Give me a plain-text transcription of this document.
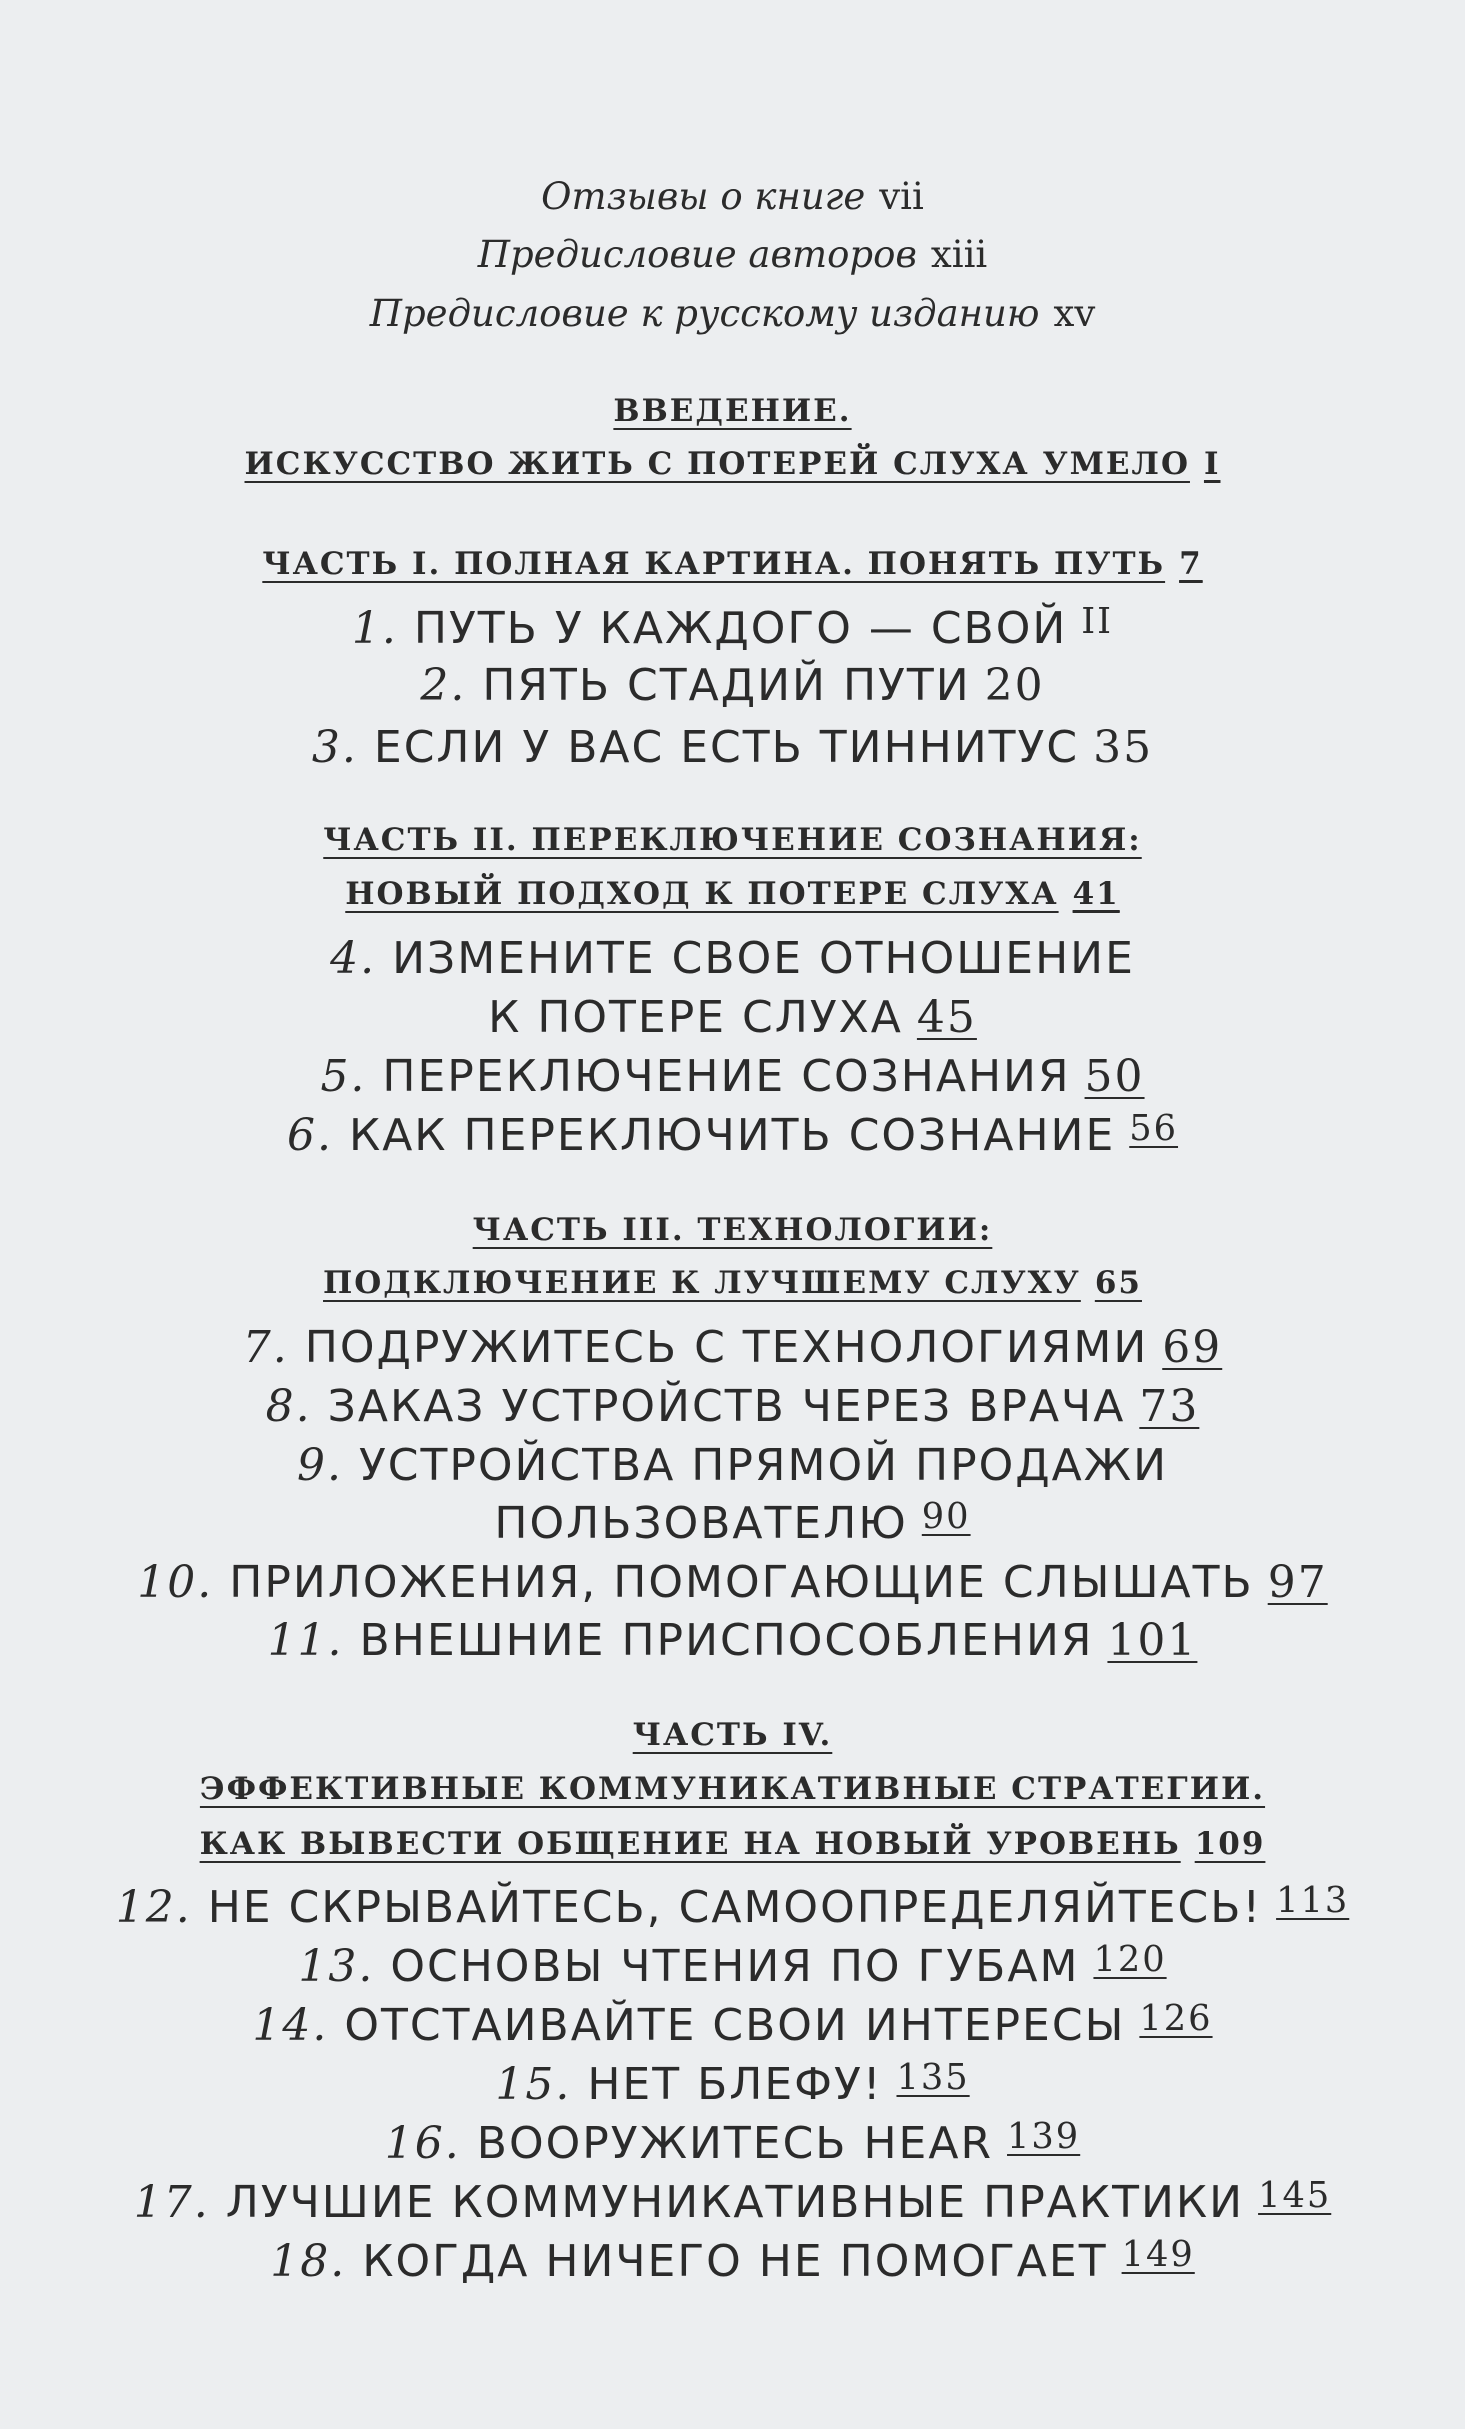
Отзывы о книге vii
Предисловие авторов xiii
Предисловие к русскому изданию xv
ВВЕДЕНИЕ.
ИСКУССТВО ЖИТЬ С ПОТЕРЕЙ СЛУХА УМЕЛО I
ЧАСТЬ I. ПОЛНАЯ КАРТИНА. ПОНЯТЬ ПУТЬ 7
1. ПУТЬ У КАЖДОГО — СВОЙ $^{II}$
2. ПЯТЬ СТАДИЙ ПУТИ 20
3. ЕСЛИ У ВАС ЕСТЬ ТИННИТУС 35
ЧАСТЬ II. ПЕРЕКЛЮЧЕНИЕ СОЗНАНИЯ:
НОВЫЙ ПОДХОД К ПОТЕРЕ СЛУХА 41
4. ИЗМЕНИТЕ СВОЕ ОТНОШЕНИЕ
К ПОТЕРЕ СЛУХА 45
5. ПЕРЕКЛЮЧЕНИЕ СОЗНАНИЯ 50
6. КАК ПЕРЕКЛЮЧИТЬ СОЗНАНИЕ $^{56}$
ЧАСТЬ III. ТЕХНОЛОГИИ:
ПОДКЛЮЧЕНИЕ К ЛУЧШЕМУ СЛУХУ 65
7. ПОДРУЖИТЕСЬ С ТЕХНОЛОГИЯМИ 69
8. ЗАКАЗ УСТРОЙСТВ ЧЕРЕЗ ВРАЧА 73
9. УСТРОЙСТВА ПРЯМОЙ ПРОДАЖИ
ПОЛЬЗОВАТЕЛЮ $^{90}$
10. ПРИЛОЖЕНИЯ, ПОМОГАЮЩИЕ СЛЫШАТЬ 97
11. ВНЕШНИЕ ПРИСПОСОБЛЕНИЯ 101
ЧАСТЬ IV.
ЭФФЕКТИВНЫЕ КОММУНИКАТИВНЫЕ СТРАТЕГИИ.
КАК ВЫВЕСТИ ОБЩЕНИЕ НА НОВЫЙ УРОВЕНЬ 109
12. НЕ СКРЫВАЙТЕСЬ, САМООПРЕДЕЛЯЙТЕСЬ! $^{113}$
13. ОСНОВЫ ЧТЕНИЯ ПО ГУБАМ $^{120}$
14. ОТСТАИВАЙТЕ СВОИ ИНТЕРЕСЫ $^{126}$
15. НЕТ БЛЕФУ! $^{135}$
16. ВООРУЖИТЕСЬ HEAR $^{139}$
17. ЛУЧШИЕ КОММУНИКАТИВНЫЕ ПРАКТИКИ $^{145}$
18. КОГДА НИЧЕГО НЕ ПОМОГАЕТ $^{149}$
